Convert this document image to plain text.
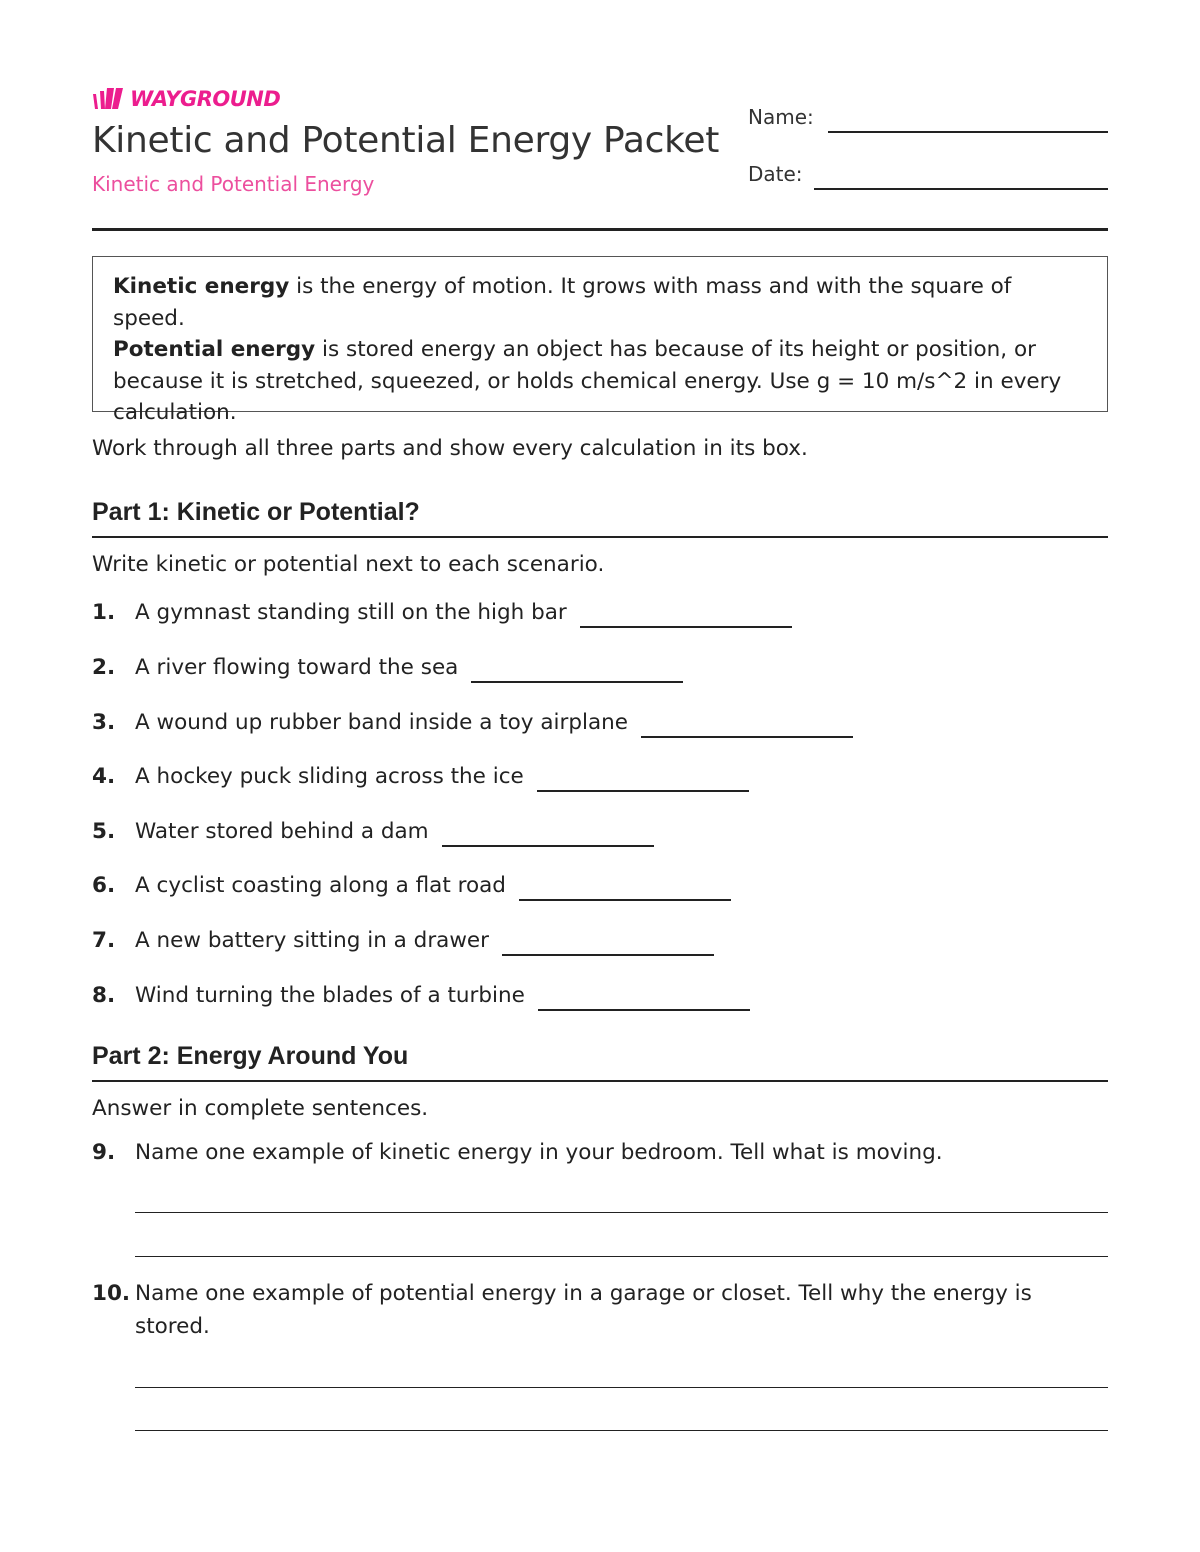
WAYGROUND
Kinetic and Potential Energy Packet
Kinetic and Potential Energy
Name:
Date:
Kinetic energy is the energy of motion. It grows with mass and with the square of speed.
Potential energy is stored energy an object has because of its height or position, or because it is stretched, squeezed, or holds chemical energy. Use g = 10 m/s^2 in every calculation.
Work through all three parts and show every calculation in its box.
Part 1: Kinetic or Potential?
Write kinetic or potential next to each scenario.
1. A gymnast standing still on the high bar
2. A river flowing toward the sea
3. A wound up rubber band inside a toy airplane
4. A hockey puck sliding across the ice
5. Water stored behind a dam
6. A cyclist coasting along a flat road
7. A new battery sitting in a drawer
8. Wind turning the blades of a turbine
Part 2: Energy Around You
Answer in complete sentences.
9. Name one example of kinetic energy in your bedroom. Tell what is moving.
10. Name one example of potential energy in a garage or closet. Tell why the energy is stored.
